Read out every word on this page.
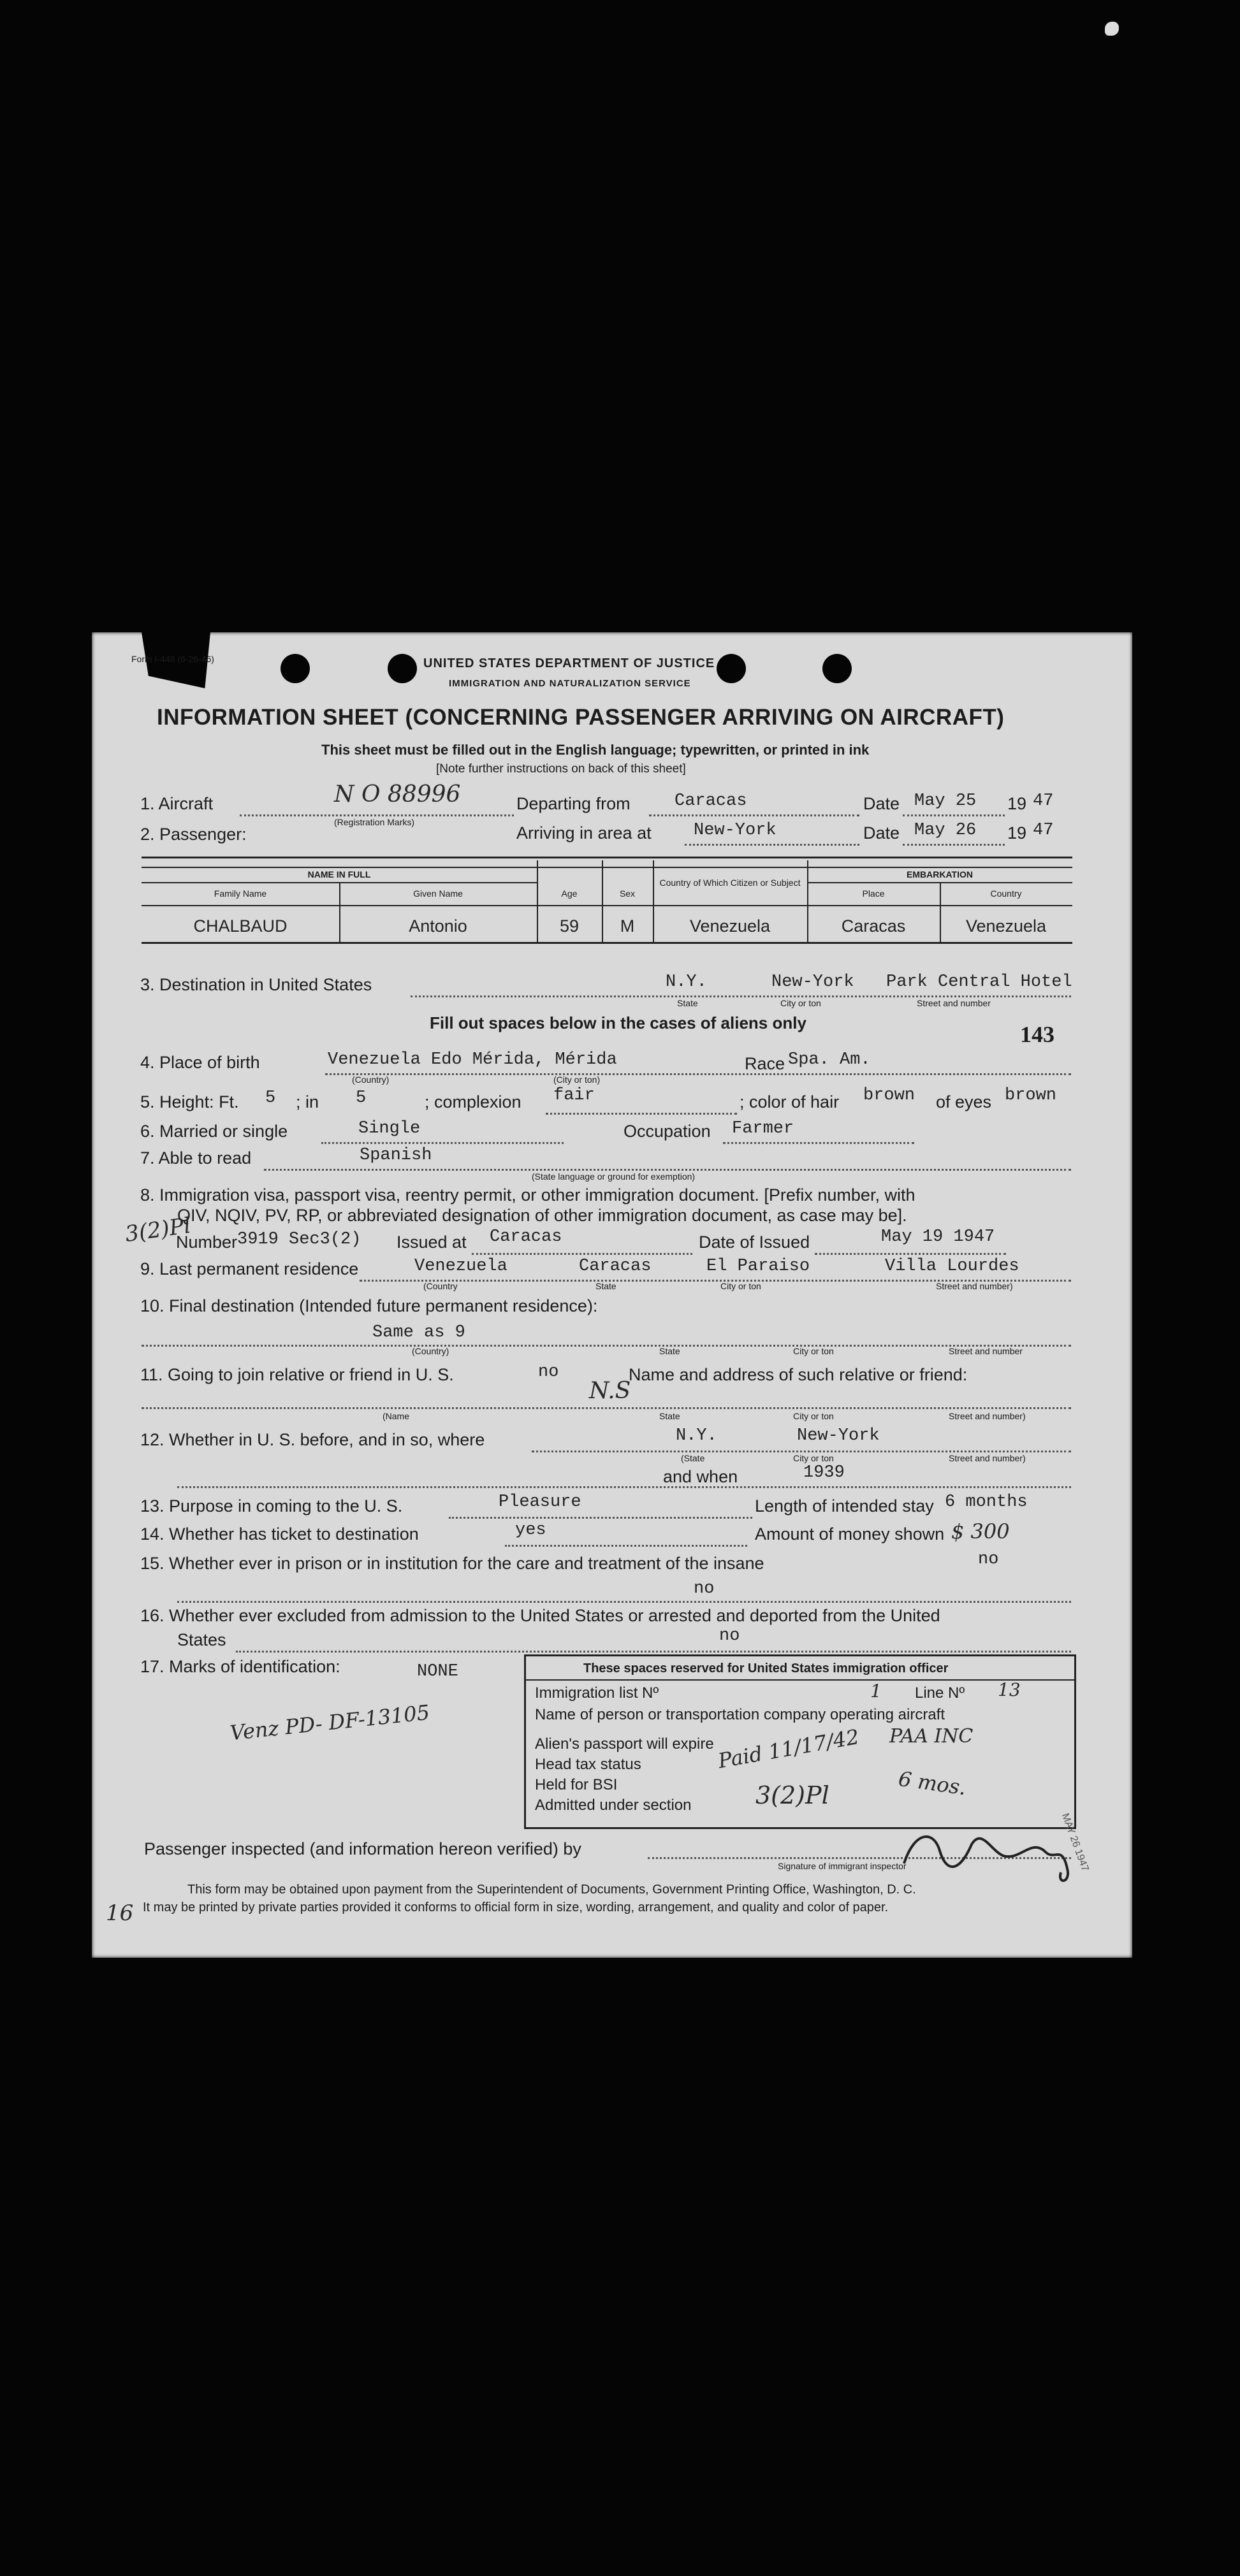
Form I-448 (6-26-46)	UNITED STATES DEPARTMENT OF JUSTICE
IMMIGRATION AND NATURALIZATION SERVICE
INFORMATION SHEET (CONCERNING PASSENGER ARRIVING ON AIRCRAFT)
This sheet must be filled out in the English language; typewritten, or printed in ink
[Note further instructions on back of this sheet]
1. Aircraft	N O 88996
(Registration Marks)
Departing from	Caracas	Date May 25 19 47
2. Passenger:	Arriving in area at New-York	Date May 26 19 47
NAME IN FULL
Family Name	Given Name	Age	Sex
Country of Which Citizen or Subject
EMBARKATION
Place	Country
CHALBAUD	Antonio	59	M	Venezuela	Caracas	Venezuela
3. Destination in United States	N.Y.	New-York Park Central Hotel
State	City or ton	Street and number
Fill out spaces below in the cases of aliens only	143
4. Place of birth	Venezuela Edo Mérida, Mérida	Race Spa. Am.
(Country)	(City or ton)
5. Height: Ft. 5 ; in 5	; complexion fair	; color of hair brown of eyes brown
6. Married or single	Single	Occupation Farmer
7. Able to read	Spanish
(State language or ground for exemption)
8. Immigration visa, passport visa, reentry permit, or other immigration document. [Prefix number, with
QIV, NQIV, PV, RP, or abbreviated designation of other immigration document, as case may be].
3(2)Pl
Number 3919 Sec3(2) Issued at Caracas	Date of Issued	May 19 1947
9. Last permanent residence	Venezuela	Caracas	El Paraiso	Villa Lourdes
(Country	State	City or ton	Street and number)
10. Final destination (Intended future permanent residence):
Same as 9
(Country)	State	City or ton	Street and number
11. Going to join relative or friend in U. S.	no	Name and address of such relative or friend:
N.S
(Name	State	City or ton	Street and number)
12. Whether in U. S. before, and in so, where	N.Y.	New-York
(State	City or ton	Street and number)
and when	1939
13. Purpose in coming to the U. S.	Pleasure	Length of intended stay 6 months
14. Whether has ticket to destination	yes	Amount of money shown $ 300
15. Whether ever in prison or in institution for the care and treatment of the insane	no
no
16. Whether ever excluded from admission to the United States or arrested and deported from the United
States	no
17. Marks of identification:	NONE
Venz PD- DF-13105
These spaces reserved for United States immigration officer
Immigration list Nº	1 Line Nº 13
Name of person or transportation company operating aircraft
PAA INC
Alien's passport will expire Paid 11/17/42
Head tax status
Held for BSI
Admitted under section	3(2)Pl	6 mos.
Passenger inspected (and information hereon verified) by
Signature of immigrant inspector	MAY 26 1947
This form may be obtained upon payment from the Superintendent of Documents, Government Printing Office, Washington, D. C.
It may be printed by private parties provided it conforms to official form in size, wording, arrangement, and quality and color of paper.
16
